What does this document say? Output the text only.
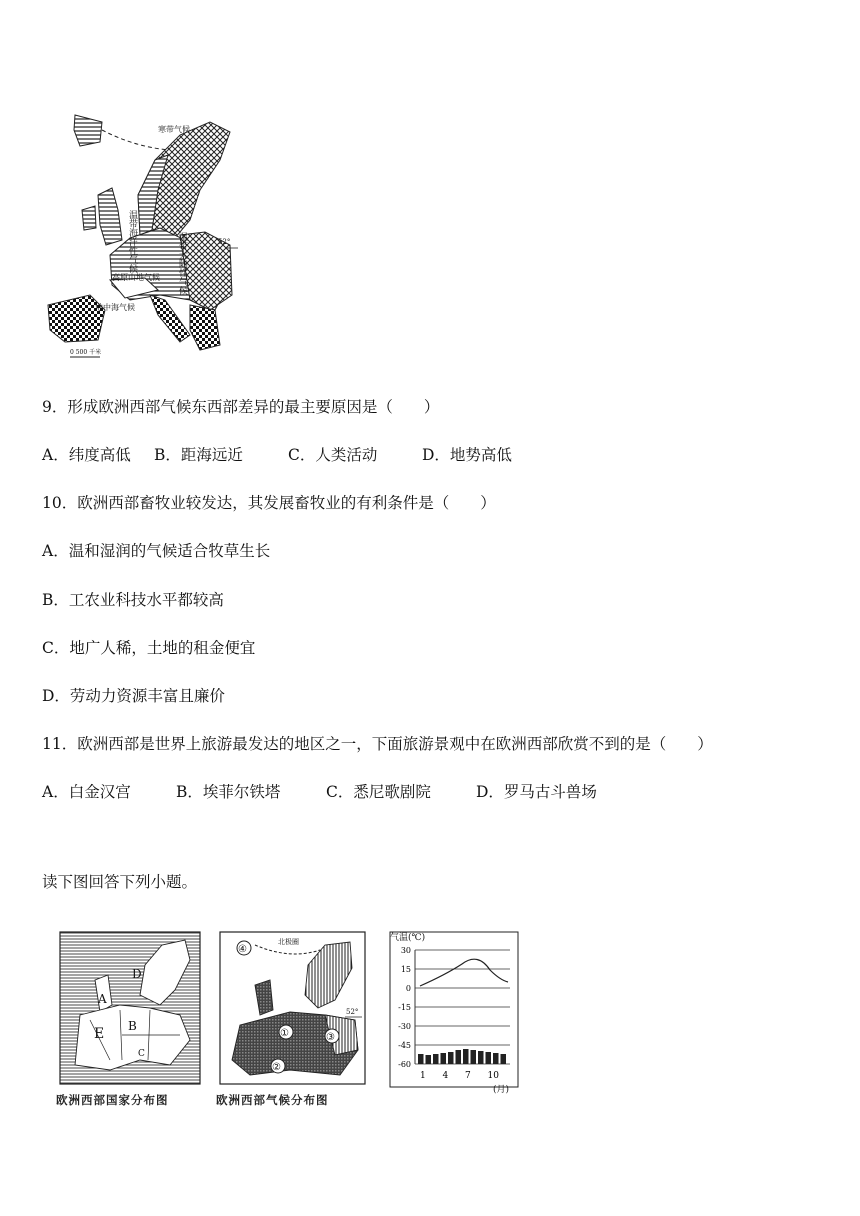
寒带气候
温带海洋性气候	温带大陆性气候
高原山地气候
地中海气候
52°
0 500 千米
9．形成欧洲西部气候东西部差异的最主要原因是（　　）
A．纬度高低 B．距海远近	C．人类活动	D．地势高低
10．欧洲西部畜牧业较发达，其发展畜牧业的有利条件是（　　）
A．温和湿润的气候适合牧草生长
B．工农业科技水平都较高
C．地广人稀，土地的租金便宜
D．劳动力资源丰富且廉价
11．欧洲西部是世界上旅游最发达的地区之一，下面旅游景观中在欧洲西部欣赏不到的是（　　）
A．白金汉宫	B．埃菲尔铁塔	C．悉尼歌剧院	D．罗马古斗兽场
读下图回答下列小题。
D
A
B
E
C
欧洲西部国家分布图
④
①
②
③
北极圈
52°
欧洲西部气候分布图
气温(℃)
30
15
0
-15
-30
-45
-60
1 4 7 10
(月)
